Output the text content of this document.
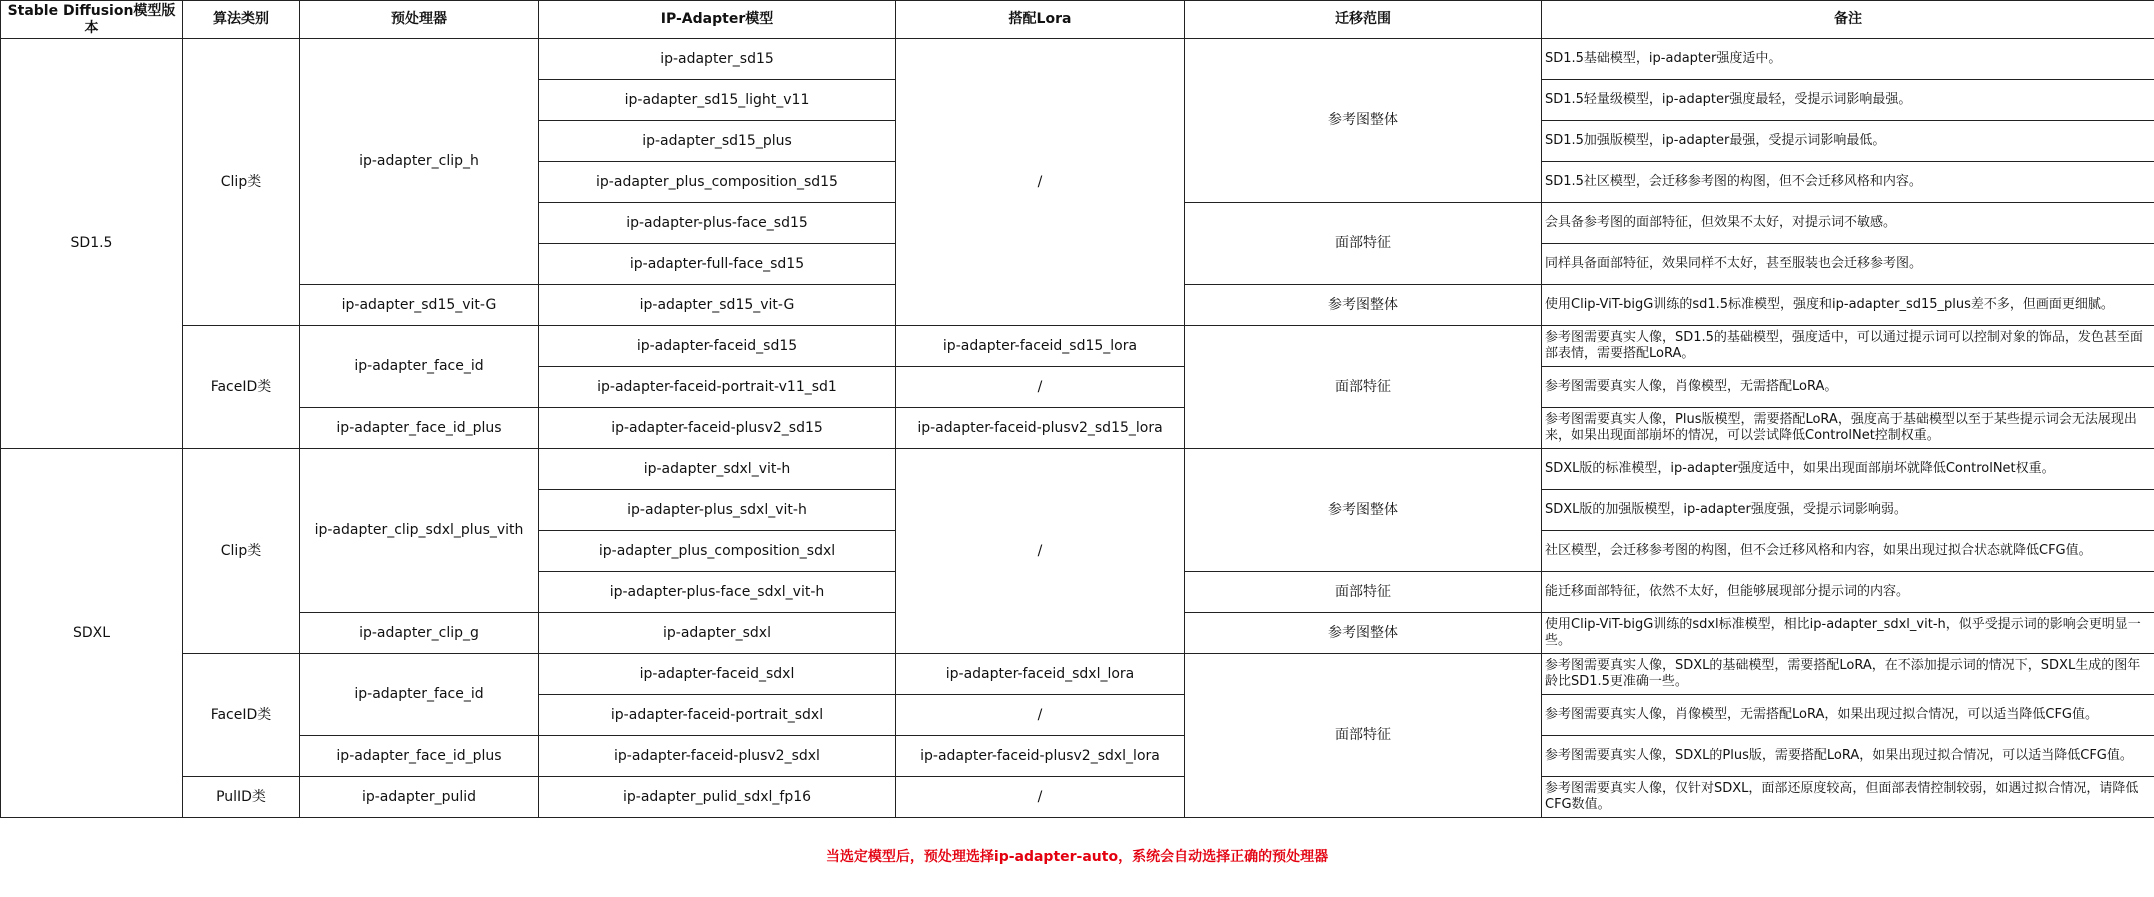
Stable Diffusion模型版本	算法类别	预处理器	IP-Adapter模型	搭配Lora	迁移范围	备注
SD1.5	Clip类	ip-adapter_clip_h	ip-adapter_sd15	/	参考图整体	SD1.5基础模型，ip-adapter强度适中。
			ip-adapter_sd15_light_v11			SD1.5轻量级模型，ip-adapter强度最轻，受提示词影响最强。
			ip-adapter_sd15_plus			SD1.5加强版模型，ip-adapter最强，受提示词影响最低。
			ip-adapter_plus_composition_sd15			SD1.5社区模型，会迁移参考图的构图，但不会迁移风格和内容。
			ip-adapter-plus-face_sd15		面部特征	会具备参考图的面部特征，但效果不太好，对提示词不敏感。
			ip-adapter-full-face_sd15			同样具备面部特征，效果同样不太好，甚至服装也会迁移参考图。
		ip-adapter_sd15_vit-G	ip-adapter_sd15_vit-G		参考图整体	使用Clip-ViT-bigG训练的sd1.5标准模型，强度和ip-adapter_sd15_plus差不多，但画面更细腻。
	FaceID类	ip-adapter_face_id	ip-adapter-faceid_sd15	ip-adapter-faceid_sd15_lora	面部特征	参考图需要真实人像，SD1.5的基础模型，强度适中，可以通过提示词可以控制对象的饰品，发色甚至面部表情，需要搭配LoRA。
			ip-adapter-faceid-portrait-v11_sd1	/		参考图需要真实人像，肖像模型，无需搭配LoRA。
		ip-adapter_face_id_plus	ip-adapter-faceid-plusv2_sd15	ip-adapter-faceid-plusv2_sd15_lora		参考图需要真实人像，Plus版模型，需要搭配LoRA，强度高于基础模型以至于某些提示词会无法展现出来，如果出现面部崩坏的情况，可以尝试降低ControlNet控制权重。
SDXL	Clip类	ip-adapter_clip_sdxl_plus_vith	ip-adapter_sdxl_vit-h	/	参考图整体	SDXL版的标准模型，ip-adapter强度适中，如果出现面部崩坏就降低ControlNet权重。
			ip-adapter-plus_sdxl_vit-h			SDXL版的加强版模型，ip-adapter强度强，受提示词影响弱。
			ip-adapter_plus_composition_sdxl			社区模型，会迁移参考图的构图，但不会迁移风格和内容，如果出现过拟合状态就降低CFG值。
			ip-adapter-plus-face_sdxl_vit-h		面部特征	能迁移面部特征，依然不太好，但能够展现部分提示词的内容。
		ip-adapter_clip_g	ip-adapter_sdxl		参考图整体	使用Clip-ViT-bigG训练的sdxl标准模型，相比ip-adapter_sdxl_vit-h，似乎受提示词的影响会更明显一些。
	FaceID类	ip-adapter_face_id	ip-adapter-faceid_sdxl	ip-adapter-faceid_sdxl_lora	面部特征	参考图需要真实人像，SDXL的基础模型，需要搭配LoRA，在不添加提示词的情况下，SDXL生成的图年龄比SD1.5更准确一些。
			ip-adapter-faceid-portrait_sdxl	/		参考图需要真实人像，肖像模型，无需搭配LoRA，如果出现过拟合情况，可以适当降低CFG值。
		ip-adapter_face_id_plus	ip-adapter-faceid-plusv2_sdxl	ip-adapter-faceid-plusv2_sdxl_lora		参考图需要真实人像，SDXL的Plus版，需要搭配LoRA，如果出现过拟合情况，可以适当降低CFG值。
	PulID类	ip-adapter_pulid	ip-adapter_pulid_sdxl_fp16	/		参考图需要真实人像，仅针对SDXL，面部还原度较高，但面部表情控制较弱，如遇过拟合情况，请降低CFG数值。
当选定模型后，预处理选择ip-adapter-auto，系统会自动选择正确的预处理器
